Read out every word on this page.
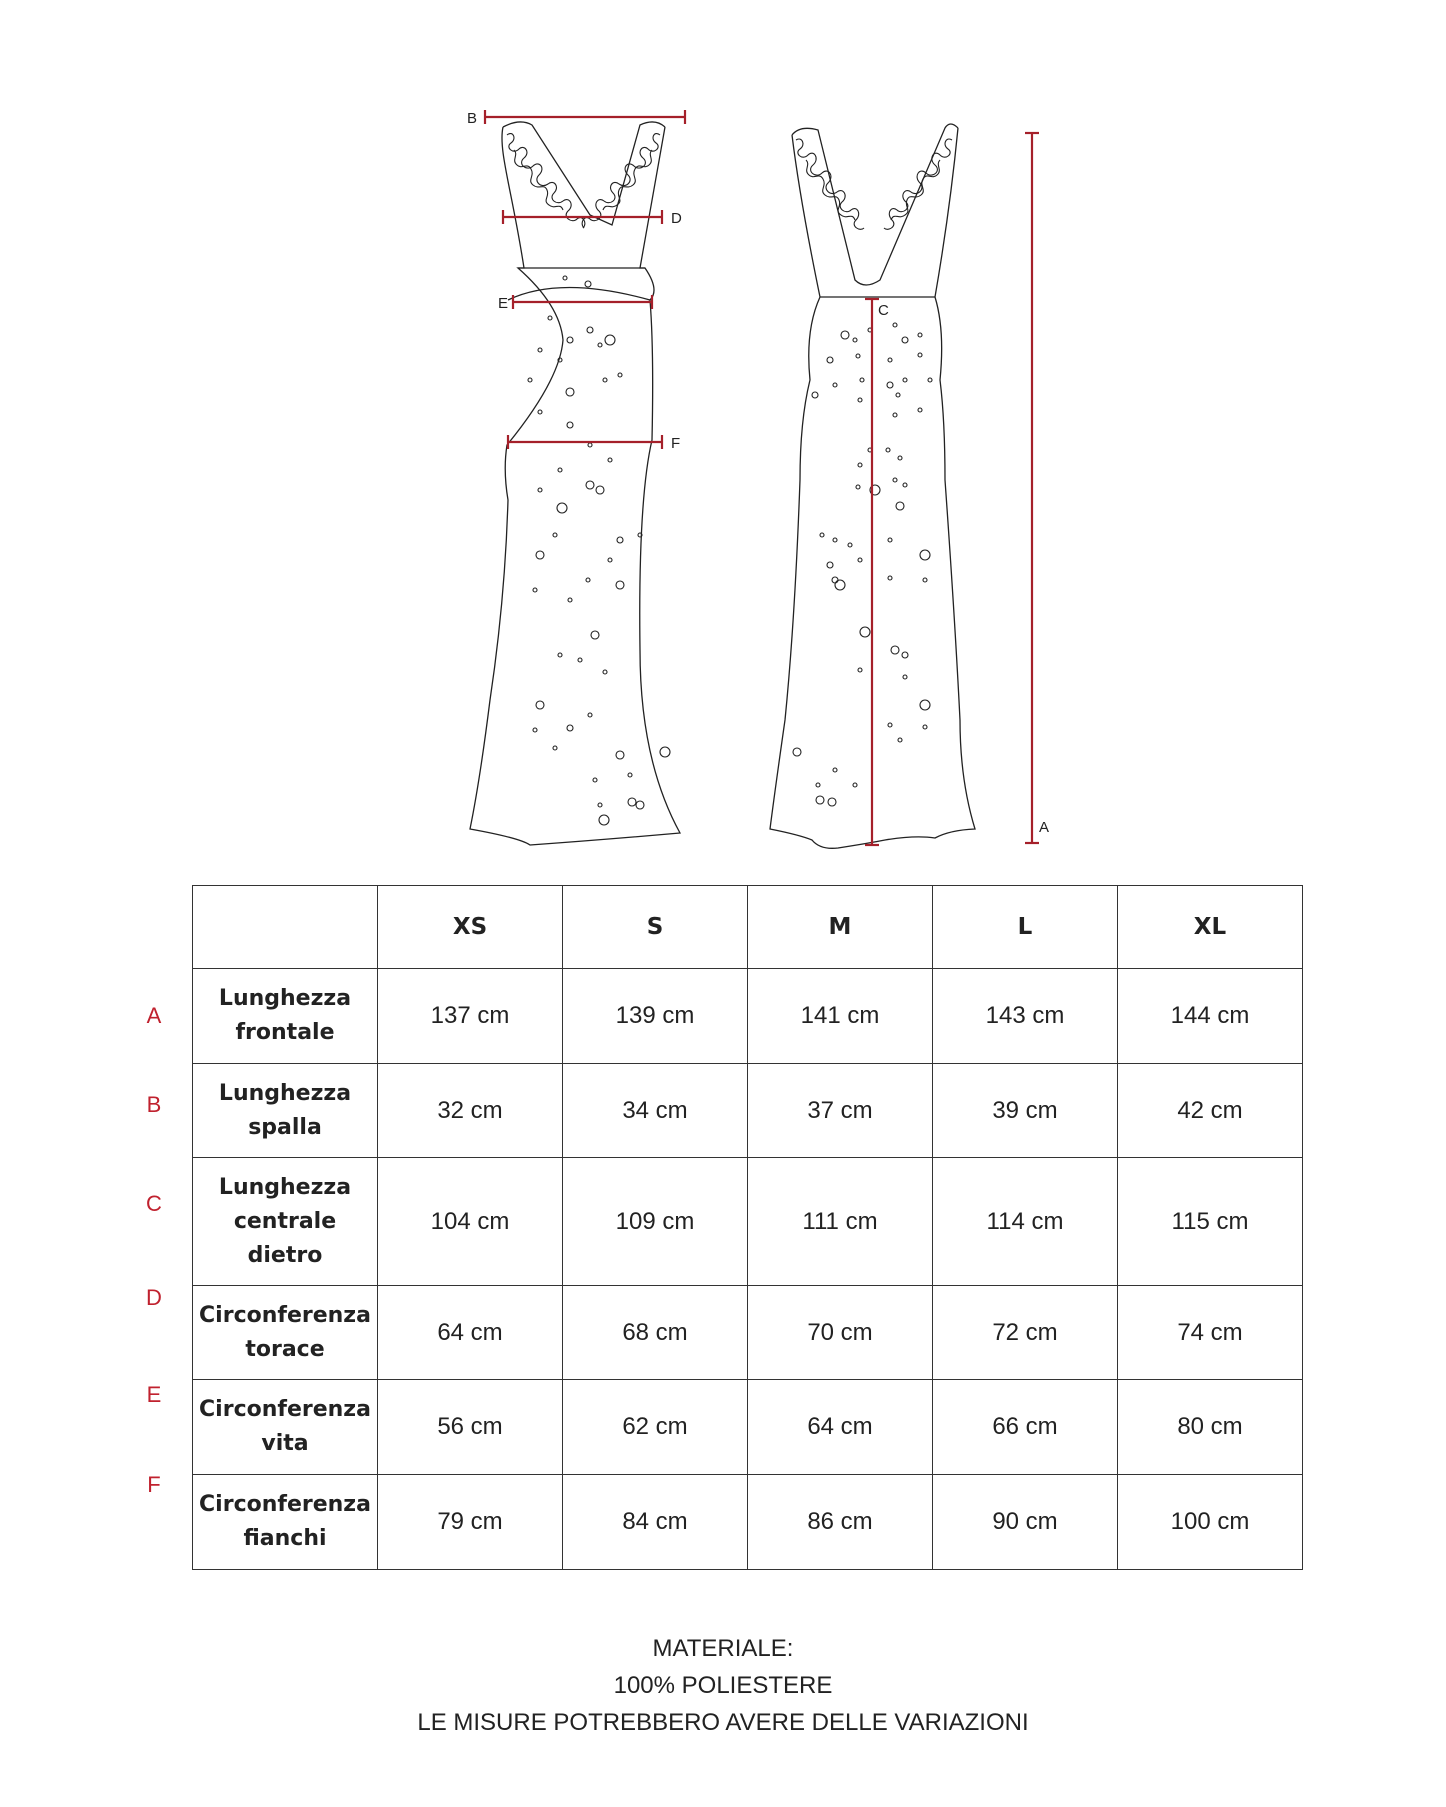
B
D
E
F
C
A
	XS	S	M	L	XL
Lunghezza
frontale	137 cm	139 cm	141 cm	143 cm	144 cm
Lunghezza
spalla	32 cm	34 cm	37 cm	39 cm	42 cm
Lunghezza
centrale
dietro	104 cm	109 cm	111 cm	114 cm	115 cm
Circonferenza
torace	64 cm	68 cm	70 cm	72 cm	74 cm
Circonferenza
vita	56 cm	62 cm	64 cm	66 cm	80 cm
Circonferenza
fianchi	79 cm	84 cm	86 cm	90 cm	100 cm
A
B
C
D
E
F
MATERIALE:
100% POLIESTERE
LE MISURE POTREBBERO AVERE DELLE VARIAZIONI
